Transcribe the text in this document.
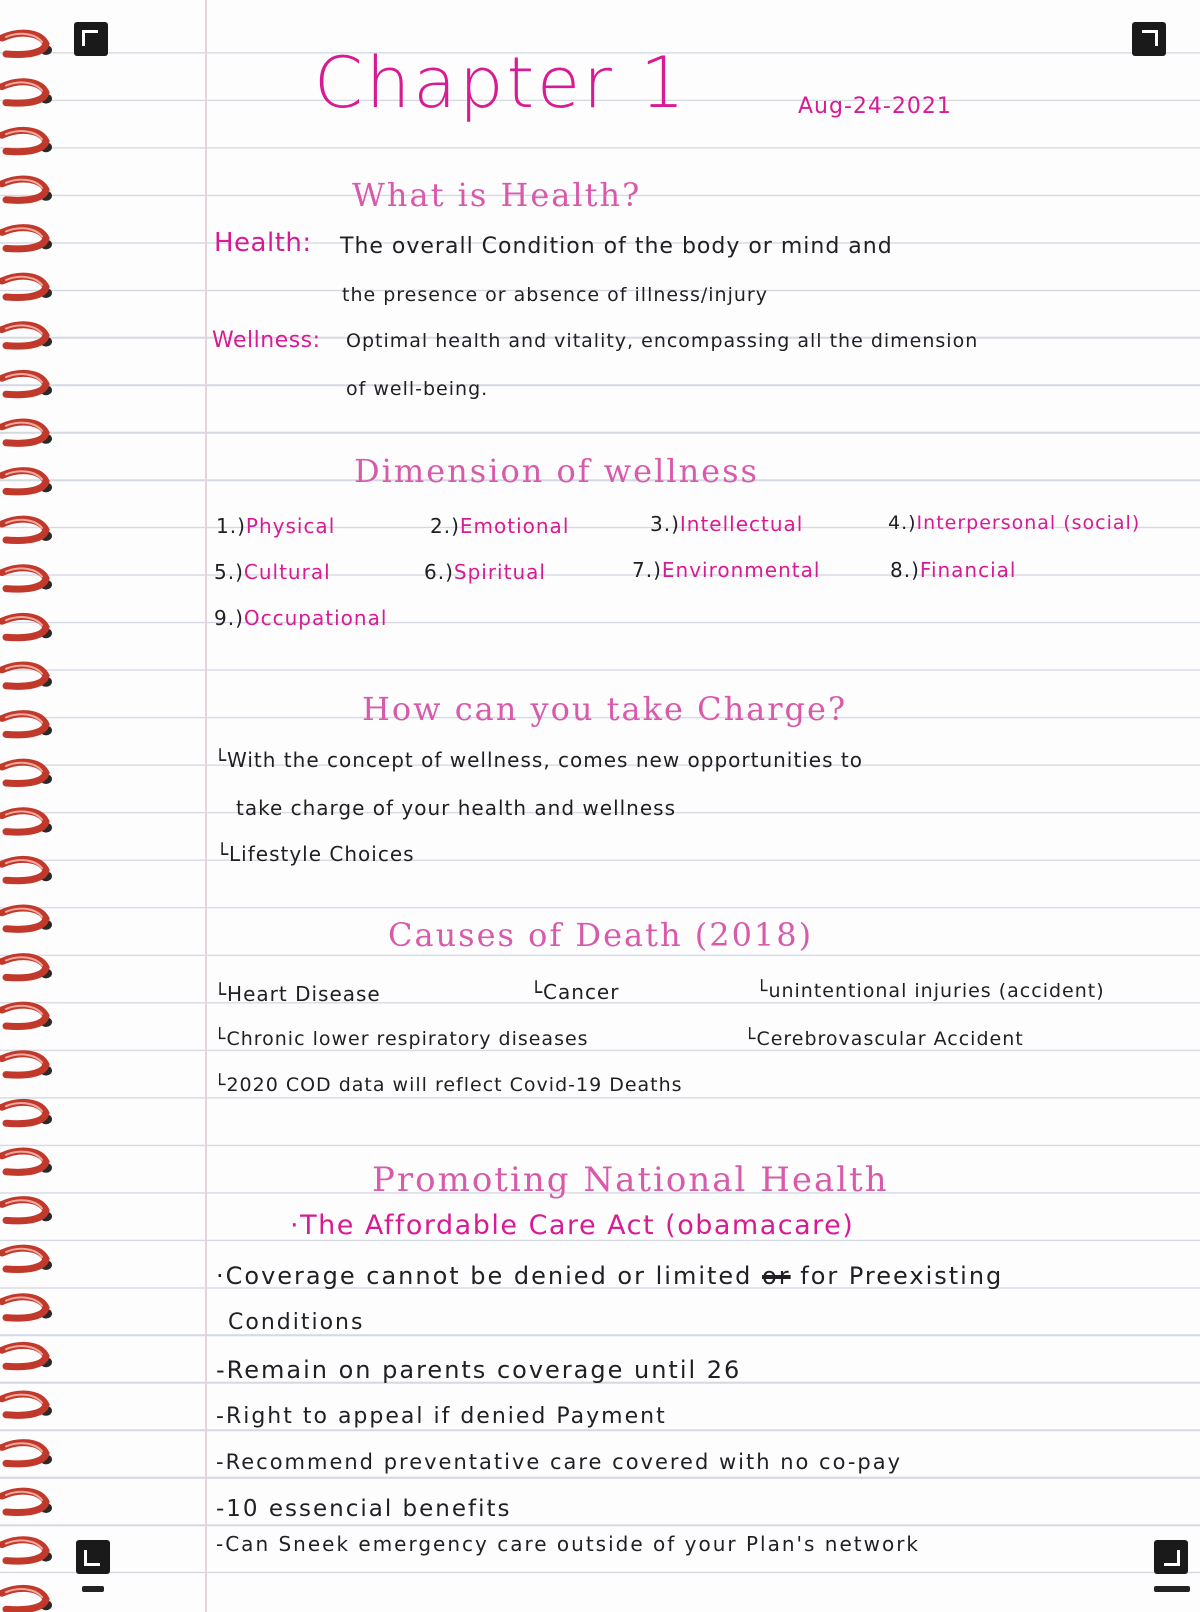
Chapter 1	Aug-24-2021
What is Health?
Health: The overall Condition of the body or mind and
the presence or absence of illness/injury
Wellness: Optimal health and vitality, encompassing all the dimension
of well-being.
Dimension of wellness
1.)Physical	2.)Emotional	3.)Intellectual	4.)Interpersonal (social)
5.)Cultural	6.)Spiritual	7.)Environmental	8.)Financial
9.)Occupational
How can you take Charge?
└With the concept of wellness, comes new opportunities to
take charge of your health and wellness
└Lifestyle Choices
Causes of Death (2018)
└Heart Disease	└Cancer	└unintentional injuries (accident)
└Chronic lower respiratory diseases	└Cerebrovascular Accident
└2020 COD data will reflect Covid-19 Deaths
Promoting National Health
·The Affordable Care Act (obamacare)
·Coverage cannot be denied or limited or for Preexisting
Conditions
-Remain on parents coverage until 26
-Right to appeal if denied Payment
-Recommend preventative care covered with no co-pay
-10 essencial benefits
-Can Sneek emergency care outside of your Plan's network
